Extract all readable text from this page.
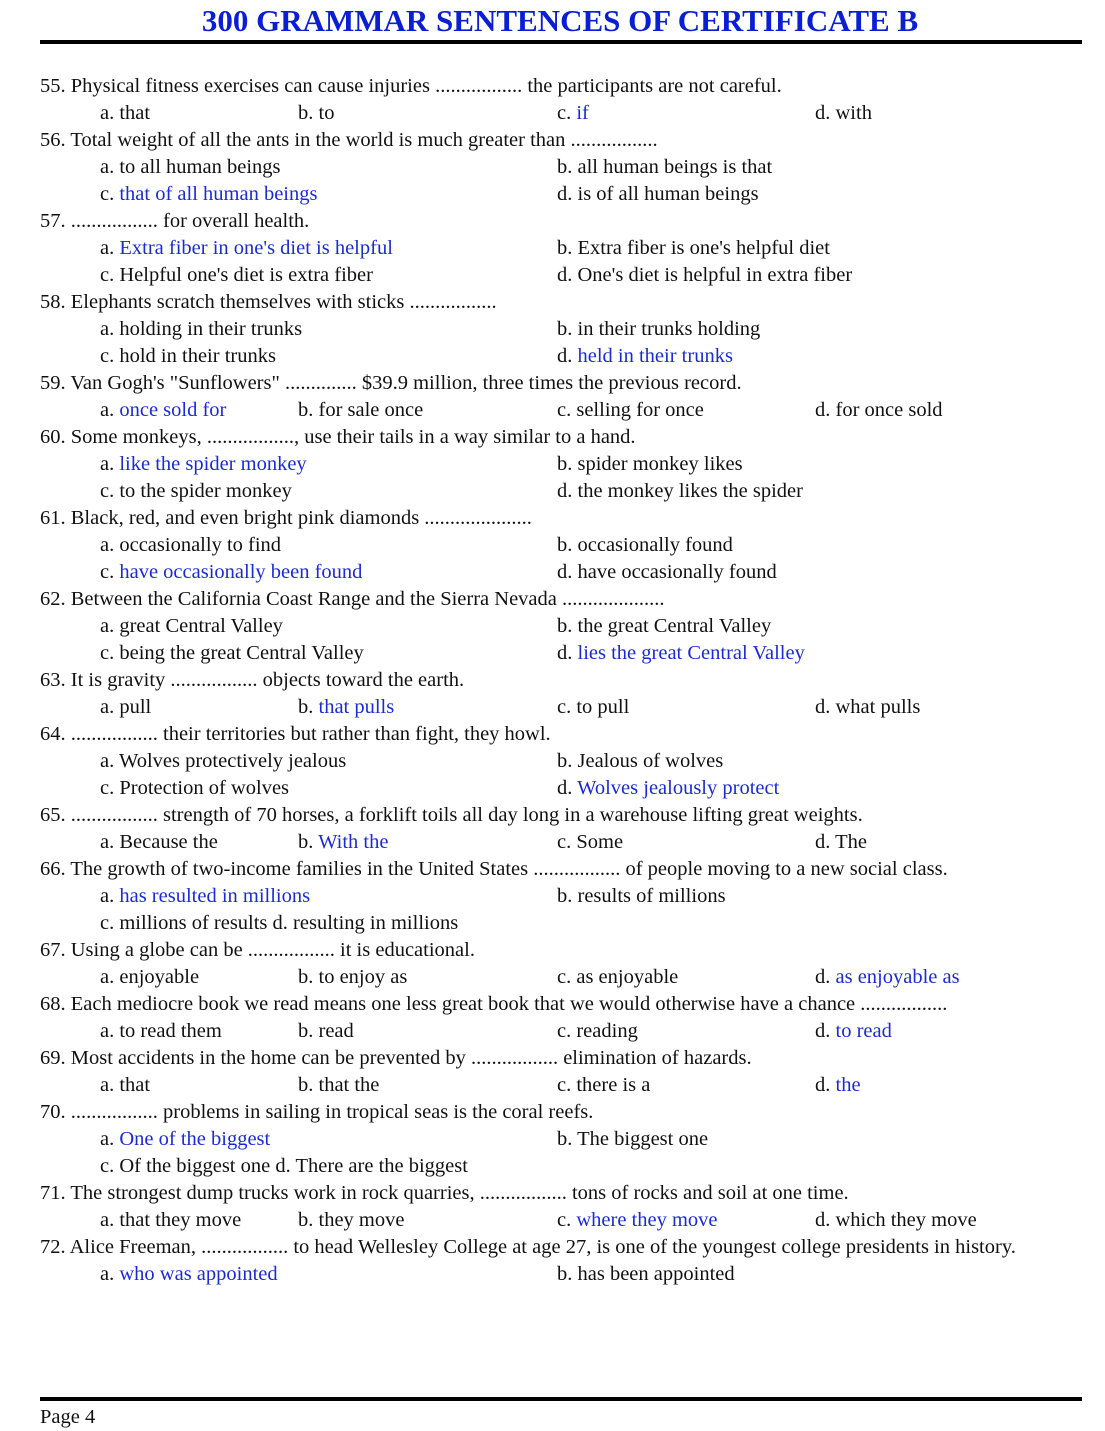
300 GRAMMAR SENTENCES OF CERTIFICATE B
55. Physical fitness exercises can cause injuries ................. the participants are not careful.
a. that	b. to	c. if	d. with
56. Total weight of all the ants in the world is much greater than .................
a. to all human beings	b. all human beings is that
c. that of all human beings	d. is of all human beings
57. ................. for overall health.
a. Extra fiber in one's diet is helpful	b. Extra fiber is one's helpful diet
c. Helpful one's diet is extra fiber	d. One's diet is helpful in extra fiber
58. Elephants scratch themselves with sticks .................
a. holding in their trunks	b. in their trunks holding
c. hold in their trunks	d. held in their trunks
59. Van Gogh's "Sunflowers" .............. $39.9 million, three times the previous record.
a. once sold for	b. for sale once	c. selling for once	d. for once sold
60. Some monkeys, ................., use their tails in a way similar to a hand.
a. like the spider monkey	b. spider monkey likes
c. to the spider monkey	d. the monkey likes the spider
61. Black, red, and even bright pink diamonds .....................
a. occasionally to find	b. occasionally found
c. have occasionally been found	d. have occasionally found
62. Between the California Coast Range and the Sierra Nevada ....................
a. great Central Valley	b. the great Central Valley
c. being the great Central Valley	d. lies the great Central Valley
63. It is gravity ................. objects toward the earth.
a. pull	b. that pulls	c. to pull	d. what pulls
64. ................. their territories but rather than fight, they howl.
a. Wolves protectively jealous	b. Jealous of wolves
c. Protection of wolves	d. Wolves jealously protect
65. ................. strength of 70 horses, a forklift toils all day long in a warehouse lifting great weights.
a. Because the	b. With the	c. Some	d. The
66. The growth of two-income families in the United States ................. of people moving to a new social class.
a. has resulted in millions	b. results of millions
c. millions of results d. resulting in millions
67. Using a globe can be ................. it is educational.
a. enjoyable	b. to enjoy as	c. as enjoyable	d. as enjoyable as
68. Each mediocre book we read means one less great book that we would otherwise have a chance .................
a. to read them	b. read	c. reading	d. to read
69. Most accidents in the home can be prevented by ................. elimination of hazards.
a. that	b. that the	c. there is a	d. the
70. ................. problems in sailing in tropical seas is the coral reefs.
a. One of the biggest	b. The biggest one
c. Of the biggest one d. There are the biggest
71. The strongest dump trucks work in rock quarries, ................. tons of rocks and soil at one time.
a. that they move	b. they move	c. where they move	d. which they move
72. Alice Freeman, ................. to head Wellesley College at age 27, is one of the youngest college presidents in history.
a. who was appointed	b. has been appointed
Page 4
